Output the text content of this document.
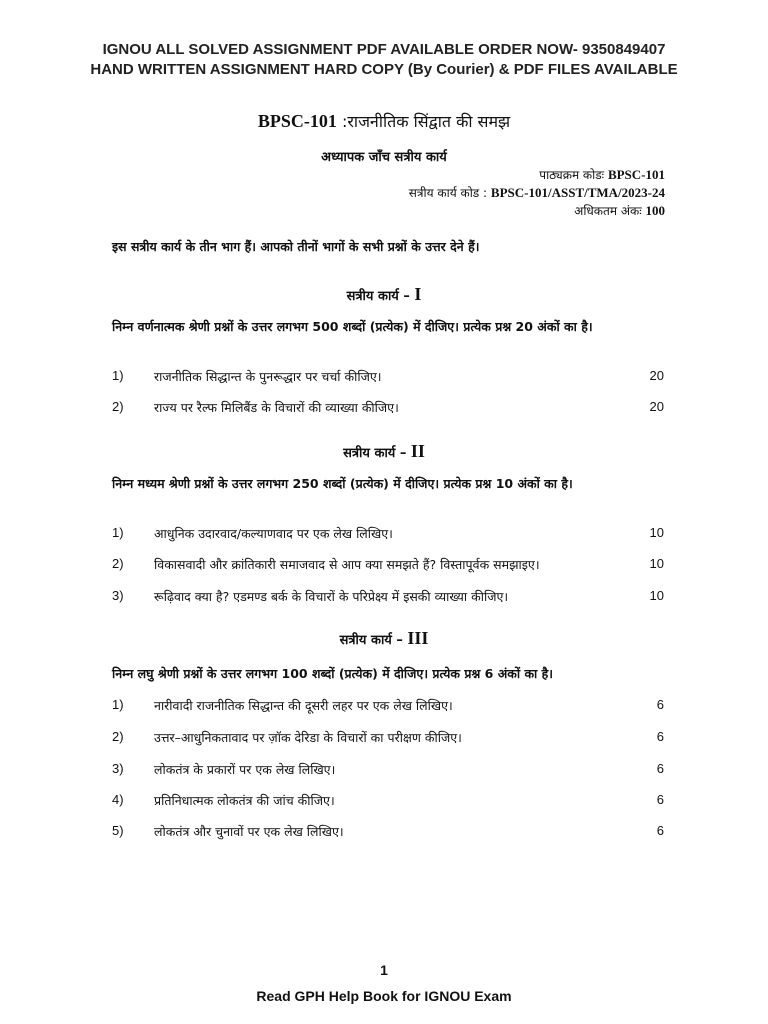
IGNOU ALL SOLVED ASSIGNMENT PDF AVAILABLE ORDER NOW- 9350849407
HAND WRITTEN ASSIGNMENT HARD COPY (By Courier) & PDF FILES AVAILABLE
BPSC-101 :राजनीतिक सिंद्वात की समझ
अध्यापक जाँच सत्रीय कार्य
पाठ्यक्रम कोडः BPSC-101
सत्रीय कार्य कोड : BPSC-101/ASST/TMA/2023-24
अधिकतम अंकः 100
इस सत्रीय कार्य के तीन भाग हैं। आपको तीनों भागों के सभी प्रश्नों के उत्तर देने हैं।
सत्रीय कार्य – I
निम्न वर्णनात्मक श्रेणी प्रश्नों के उत्तर लगभग 500 शब्दों (प्रत्येक) में दीजिए। प्रत्येक प्रश्न 20 अंकों का है।
1) राजनीतिक सिद्धान्त के पुनरूद्धार पर चर्चा कीजिए।	20
2) राज्य पर रैल्फ मिलिबैंड के विचारों की व्याख्या कीजिए।	20
सत्रीय कार्य – II
निम्न मध्यम श्रेणी प्रश्नों के उत्तर लगभग 250 शब्दों (प्रत्येक) में दीजिए। प्रत्येक प्रश्न 10 अंकों का है।
1) आधुनिक उदारवाद/कल्याणवाद पर एक लेख लिखिए।	10
2) विकासवादी और क्रांतिकारी समाजवाद से आप क्या समझते हैं? विस्तापूर्वक समझाइए।	10
3) रूढ़िवाद क्या है? एडमण्ड बर्क के विचारों के परिप्रेक्ष्य में इसकी व्याख्या कीजिए।	10
सत्रीय कार्य – III
निम्न लघु श्रेणी प्रश्नों के उत्तर लगभग 100 शब्दों (प्रत्येक) में दीजिए। प्रत्येक प्रश्न 6 अंकों का है।
1) नारीवादी राजनीतिक सिद्धान्त की दूसरी लहर पर एक लेख लिखिए।	6
2) उत्तर–आधुनिकतावाद पर ज़ॉक देरिडा के विचारों का परीक्षण कीजिए।	6
3) लोकतंत्र के प्रकारों पर एक लेख लिखिए।	6
4) प्रतिनिधात्मक लोकतंत्र की जांच कीजिए।	6
5) लोकतंत्र और चुनावों पर एक लेख लिखिए।	6
1
Read GPH Help Book for IGNOU Exam
